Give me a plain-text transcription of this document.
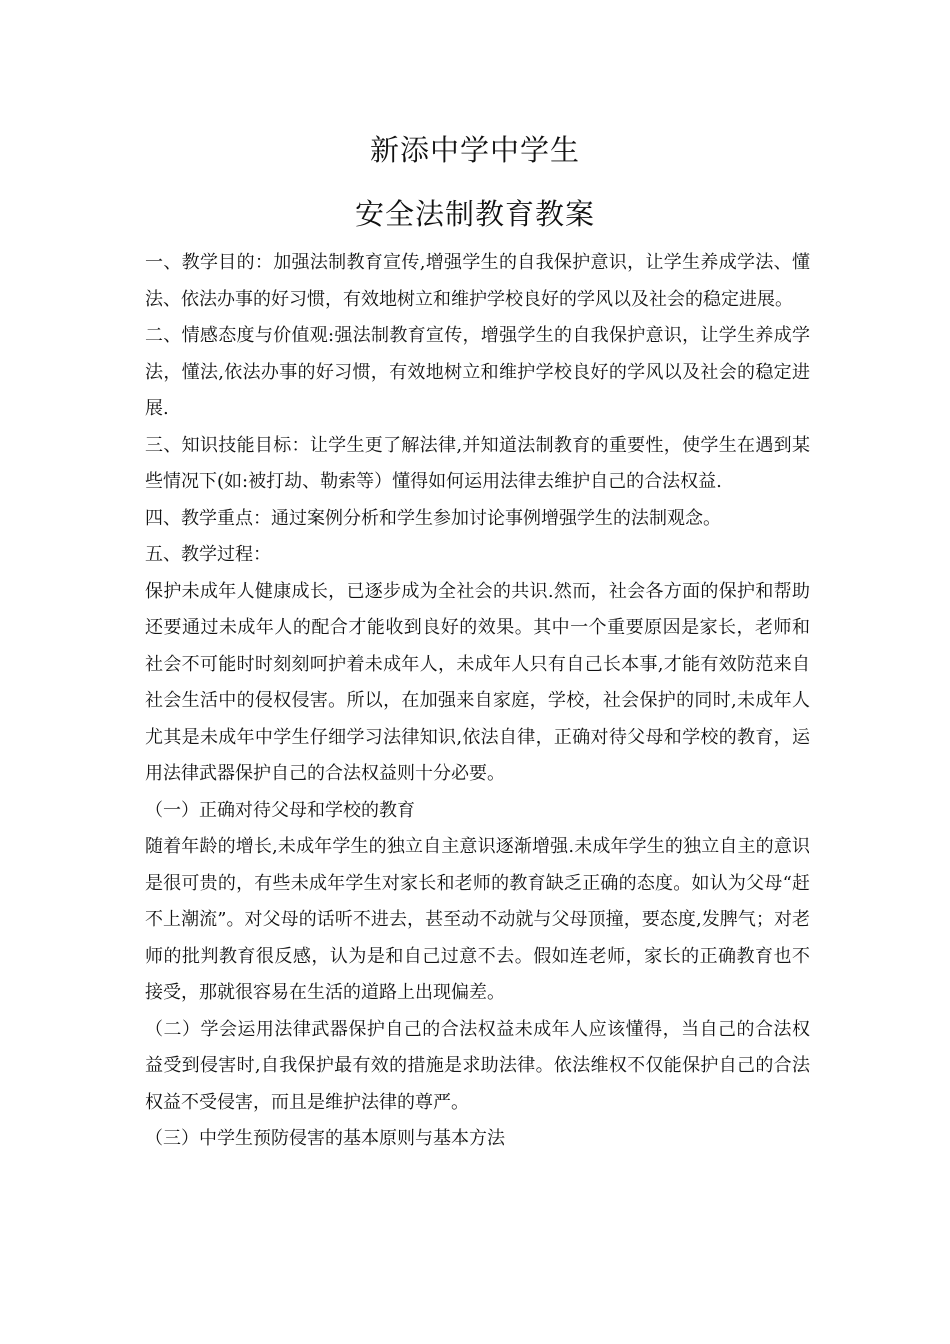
新添中学中学生
安全法制教育教案

一、教学目的：加强法制教育宣传,增强学生的自我保护意识，让学生养成学法、懂法、依法办事的好习惯，有效地树立和维护学校良好的学风以及社会的稳定进展。

二、情感态度与价值观:强法制教育宣传，增强学生的自我保护意识，让学生养成学法，懂法,依法办事的好习惯，有效地树立和维护学校良好的学风以及社会的稳定进展.

三、知识技能目标：让学生更了解法律,并知道法制教育的重要性，使学生在遇到某些情况下(如:被打劫、勒索等）懂得如何运用法律去维护自己的合法权益.

四、教学重点：通过案例分析和学生参加讨论事例增强学生的法制观念。

五、教学过程：

保护未成年人健康成长，已逐步成为全社会的共识.然而，社会各方面的保护和帮助还要通过未成年人的配合才能收到良好的效果。其中一个重要原因是家长，老师和社会不可能时时刻刻呵护着未成年人，未成年人只有自己长本事,才能有效防范来自社会生活中的侵权侵害。所以，在加强来自家庭，学校，社会保护的同时,未成年人尤其是未成年中学生仔细学习法律知识,依法自律，正确对待父母和学校的教育，运用法律武器保护自己的合法权益则十分必要。

（一）正确对待父母和学校的教育

随着年龄的增长,未成年学生的独立自主意识逐渐增强.未成年学生的独立自主的意识是很可贵的，有些未成年学生对家长和老师的教育缺乏正确的态度。如认为父母“赶不上潮流”。对父母的话听不进去，甚至动不动就与父母顶撞，要态度,发脾气；对老师的批判教育很反感，认为是和自己过意不去。假如连老师，家长的正确教育也不接受，那就很容易在生活的道路上出现偏差。

（二）学会运用法律武器保护自己的合法权益未成年人应该懂得，当自己的合法权益受到侵害时,自我保护最有效的措施是求助法律。依法维权不仅能保护自己的合法权益不受侵害，而且是维护法律的尊严。

（三）中学生预防侵害的基本原则与基本方法
